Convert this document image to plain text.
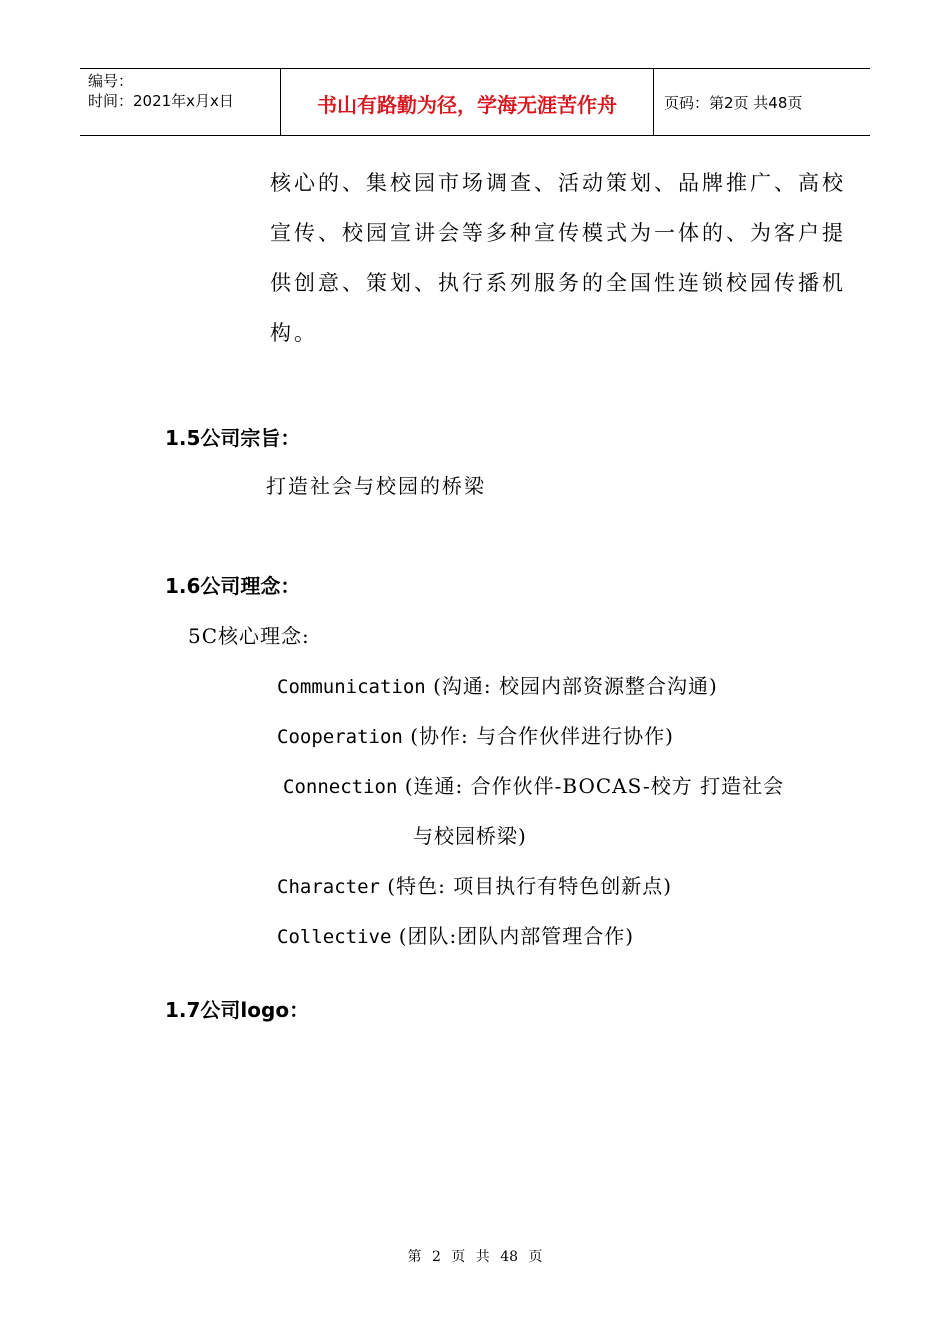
编号：
时间：2021年x月x日	书山有路勤为径，学海无涯苦作舟	页码：第2页 共48页
核心的、集校园市场调查、活动策划、品牌推广、高校
宣传、校园宣讲会等多种宣传模式为一体的、为客户提
供创意、策划、执行系列服务的全国性连锁校园传播机
构。
1.5公司宗旨：
打造社会与校园的桥梁
1.6公司理念：
5C核心理念:
Communication (沟通: 校园内部资源整合沟通)
Cooperation (协作: 与合作伙伴进行协作)
Connection (连通: 合作伙伴-BOCAS-校方 打造社会
与校园桥梁)
Character (特色: 项目执行有特色创新点)
Collective (团队:团队内部管理合作)
1.7公司logo：
第 2 页 共 48 页
